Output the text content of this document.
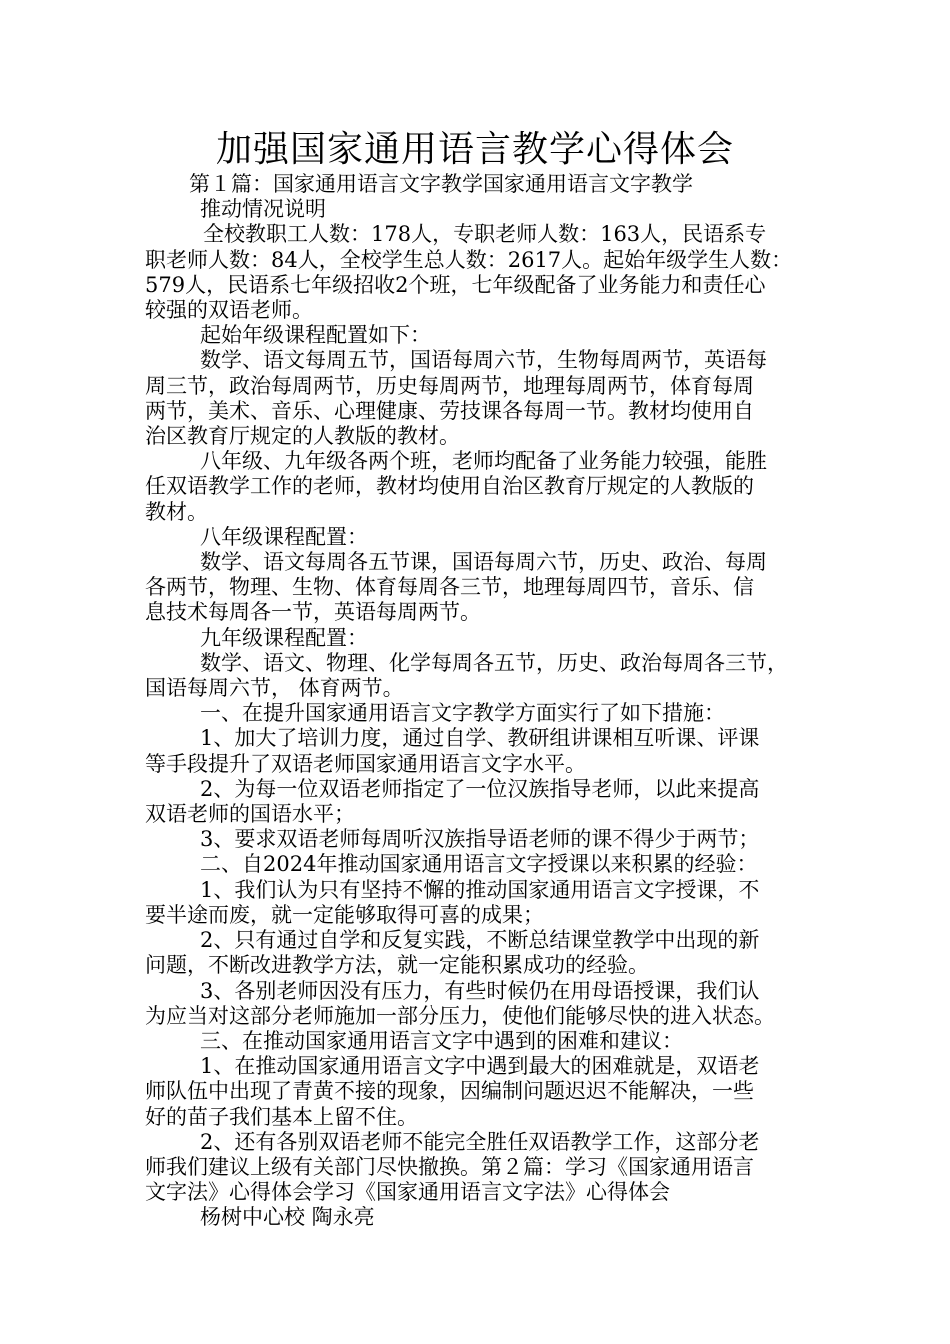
加强国家通用语言教学心得体会
第１篇：国家通用语言文字教学国家通用语言文字教学
推动情况说明
全校教职工人数：178人，专职老师人数：163人，民语系专
职老师人数：84人，全校学生总人数：2617人。起始年级学生人数：
579人，民语系七年级招收2个班，七年级配备了业务能力和责任心
较强的双语老师。
起始年级课程配置如下：
数学、语文每周五节，国语每周六节，生物每周两节，英语每
周三节，政治每周两节，历史每周两节，地理每周两节，体育每周
两节，美术、音乐、心理健康、劳技课各每周一节。教材均使用自
治区教育厅规定的人教版的教材。
八年级、九年级各两个班，老师均配备了业务能力较强，能胜
任双语教学工作的老师，教材均使用自治区教育厅规定的人教版的
教材。
八年级课程配置：
数学、语文每周各五节课，国语每周六节，历史、政治、每周
各两节，物理、生物、体育每周各三节，地理每周四节，音乐、信
息技术每周各一节，英语每周两节。
九年级课程配置：
数学、语文、物理、化学每周各五节，历史、政治每周各三节，
国语每周六节， 体育两节。
一、在提升国家通用语言文字教学方面实行了如下措施：
1、加大了培训力度，通过自学、教研组讲课相互听课、评课
等手段提升了双语老师国家通用语言文字水平。
2、为每一位双语老师指定了一位汉族指导老师，以此来提高
双语老师的国语水平；
3、要求双语老师每周听汉族指导语老师的课不得少于两节；
二、自2024年推动国家通用语言文字授课以来积累的经验：
1、我们认为只有坚持不懈的推动国家通用语言文字授课，不
要半途而废，就一定能够取得可喜的成果；
2、只有通过自学和反复实践，不断总结课堂教学中出现的新
问题，不断改进教学方法，就一定能积累成功的经验。
3、各别老师因没有压力，有些时候仍在用母语授课，我们认
为应当对这部分老师施加一部分压力，使他们能够尽快的进入状态。
三、在推动国家通用语言文字中遇到的困难和建议：
1、在推动国家通用语言文字中遇到最大的困难就是，双语老
师队伍中出现了青黄不接的现象，因编制问题迟迟不能解决，一些
好的苗子我们基本上留不住。
2、还有各别双语老师不能完全胜任双语教学工作，这部分老
师我们建议上级有关部门尽快撤换。第２篇：学习《国家通用语言
文字法》心得体会学习《国家通用语言文字法》心得体会
杨树中心校 陶永亮
